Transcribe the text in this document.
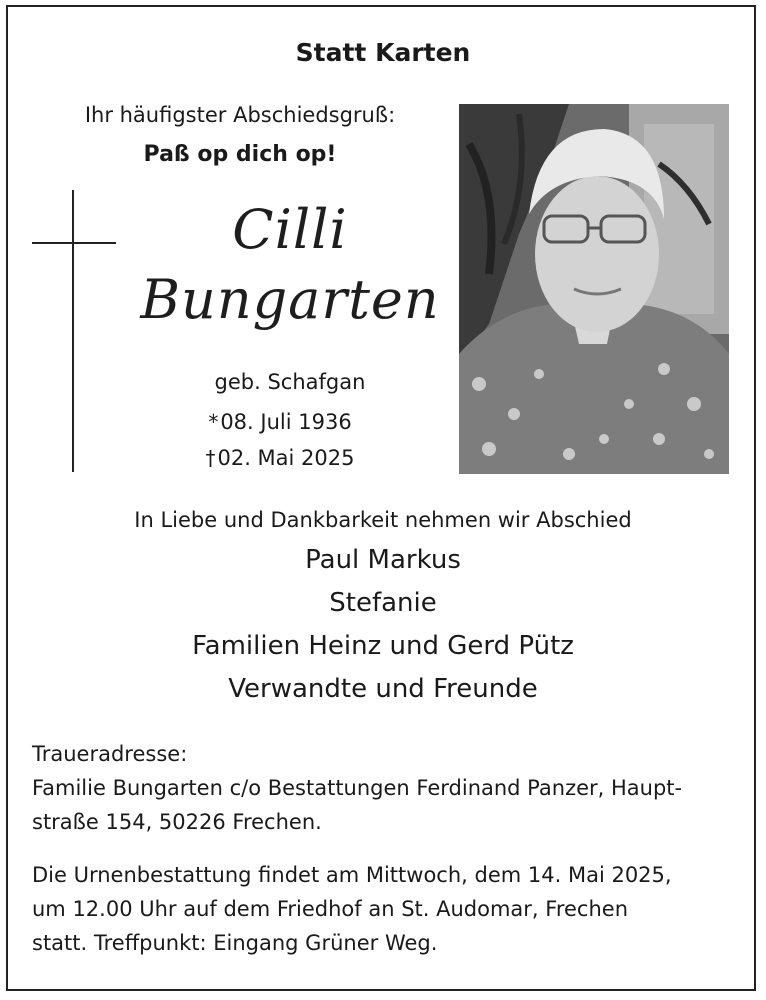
Statt Karten
Ihr häufigster Abschiedsgruß:
Paß op dich op!
Cilli
Bungarten
geb. Schafgan
*08. Juli 1936
†02. Mai 2025
In Liebe und Dankbarkeit nehmen wir Abschied
Paul Markus
Stefanie
Familien Heinz und Gerd Pütz
Verwandte und Freunde
Traueradresse:
Familie Bungarten c/o Bestattungen Ferdinand Panzer, Haupt-
straße 154, 50226 Frechen.
Die Urnenbestattung findet am Mittwoch, dem 14. Mai 2025,
um 12.00 Uhr auf dem Friedhof an St. Audomar, Frechen
statt. Treffpunkt: Eingang Grüner Weg.
